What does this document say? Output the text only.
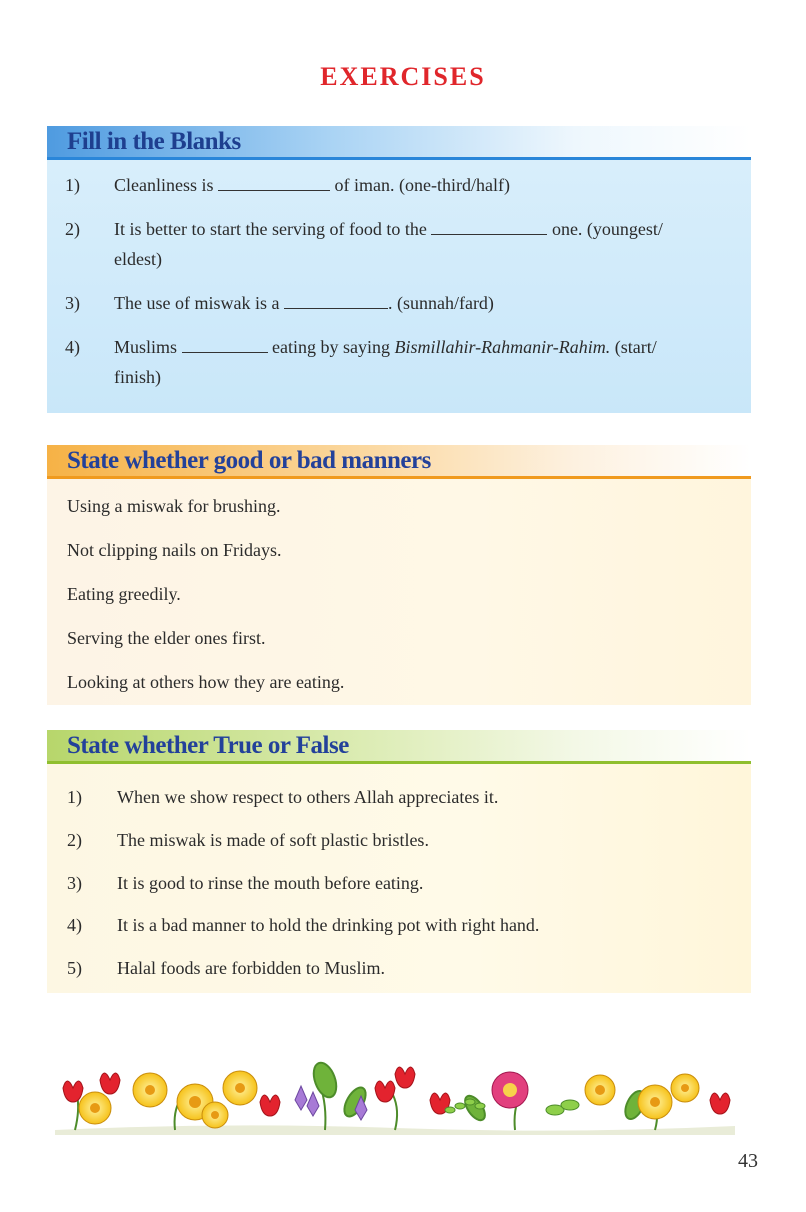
EXERCISES
Fill in the Blanks
1)	Cleanliness is	of iman. (one-third/half)
2)	It is better to start the serving of food to the	one. (youngest/
eldest)
3)	The use of miswak is a	. (sunnah/fard)
4)	Muslims	eating by saying Bismillahir-Rahmanir-Rahim. (start/
finish)
State whether good or bad manners
Using a miswak for brushing.
Not clipping nails on Fridays.
Eating greedily.
Serving the elder ones first.
Looking at others how they are eating.
State whether True or False
1)	When we show respect to others Allah appreciates it.
2)	The miswak is made of soft plastic bristles.
3)	It is good to rinse the mouth before eating.
4)	It is a bad manner to hold the drinking pot with right hand.
5)	Halal foods are forbidden to Muslim.
43
